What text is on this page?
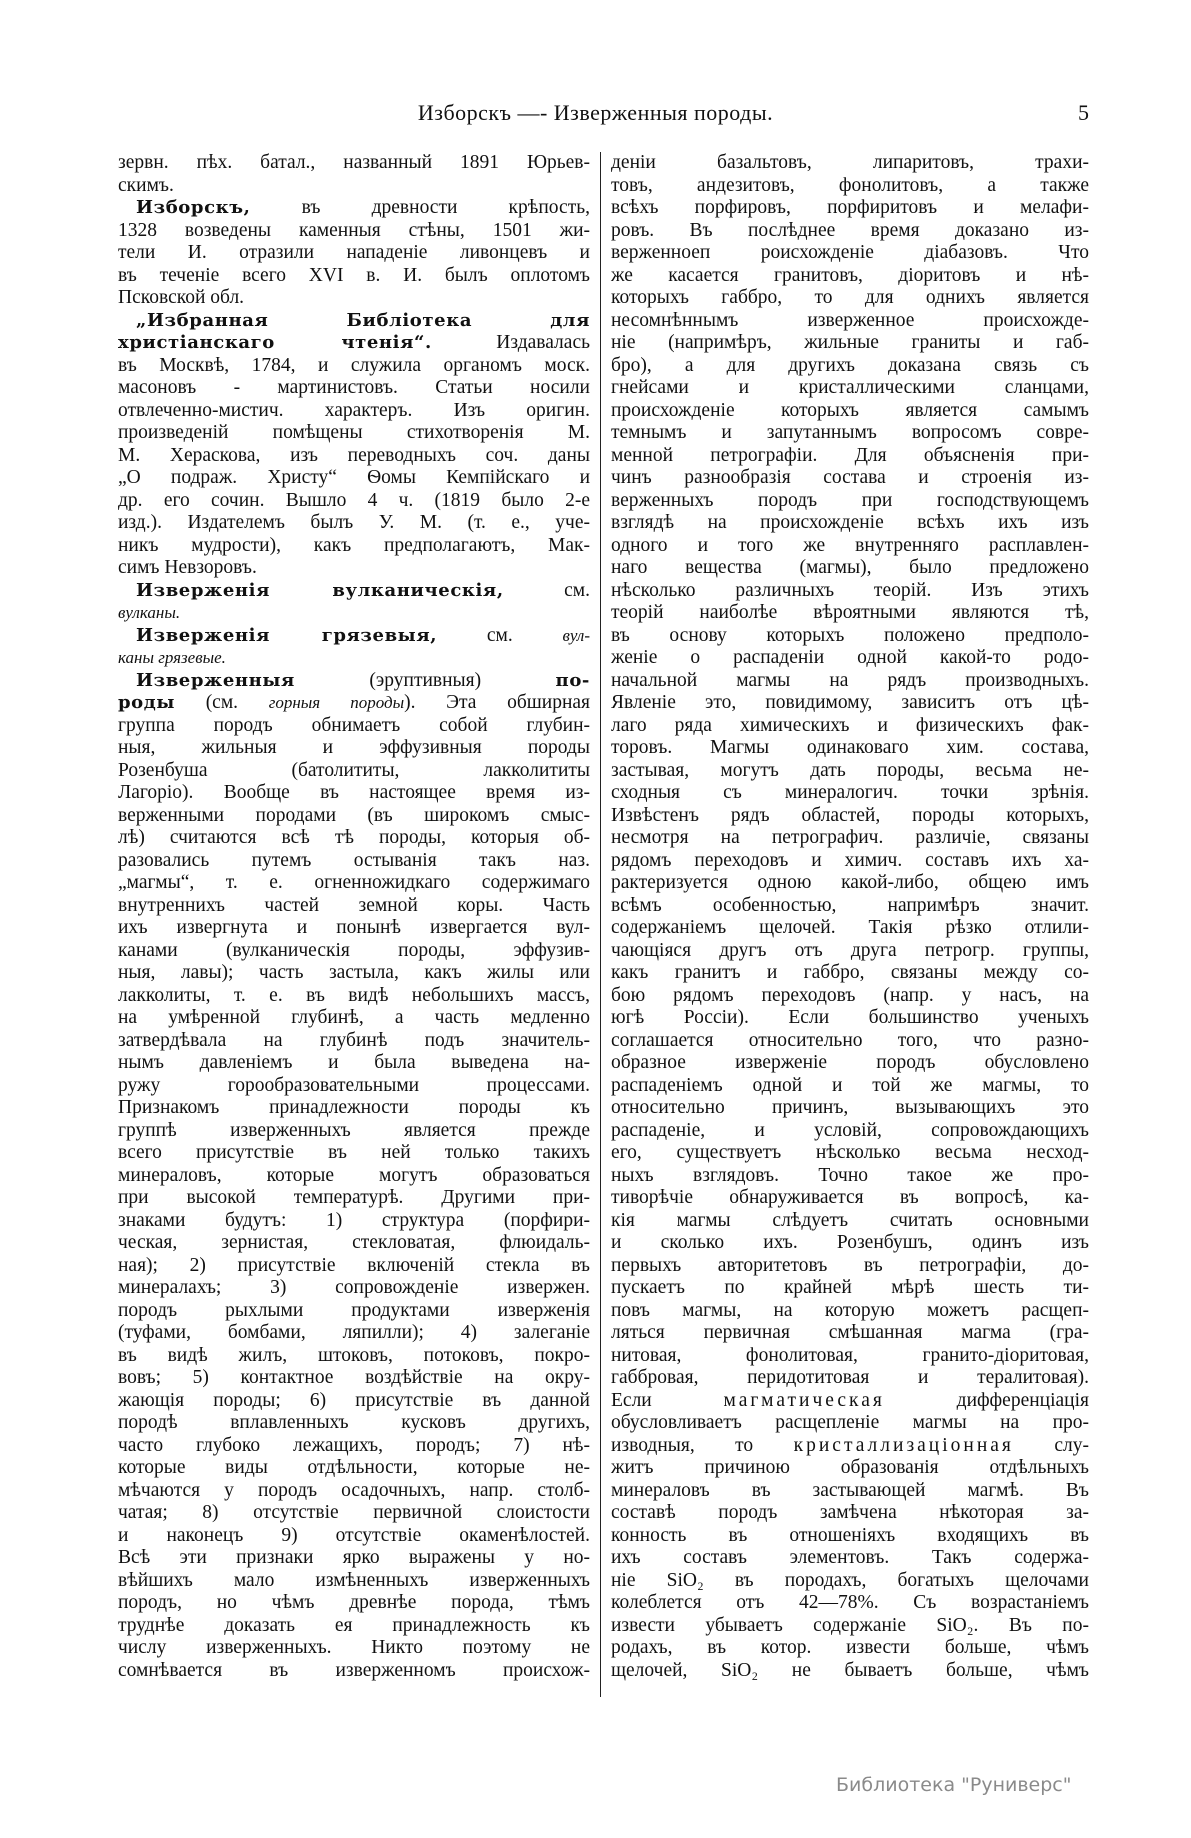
Изборскъ —- Изверженныя породы.	5
зервн. пѣх. батал., названный 1891 Юрьев-
скимъ.
Изборскъ, въ древности крѣпость,
1328 возведены каменныя стѣны, 1501 жи-
тели И. отразили нападеніе ливонцевъ и
въ теченіе всего XVI в. И. былъ оплотомъ
Псковской обл.
„Избранная Библіотека для
христіанскаго чтенія“. Издавалась
въ Москвѣ, 1784, и служила органомъ моск.
масоновъ - мартинистовъ. Статьи носили
отвлеченно-мистич. характеръ. Изъ оригин.
произведеній помѣщены стихотворенія М.
М. Хераскова, изъ переводныхъ соч. даны
„О подраж. Христу“ Ѳомы Кемпійскаго и
др. его сочин. Вышло 4 ч. (1819 было 2-е
изд.). Издателемъ былъ У. М. (т. е., уче-
никъ мудрости), какъ предполагаютъ, Мак-
симъ Невзоровъ.
Изверженія вулканическія, см.
вулканы.
Изверженія грязевыя, см. вул-
каны грязевые.
Изверженныя (эруптивныя) по-
роды (см. горныя породы). Эта обширная
группа породъ обнимаетъ собой глубин-
ныя, жильныя и эффузивныя породы
Розенбуша (батолититы, лакколититы
Лагоріо). Вообще въ настоящее время из-
верженными породами (въ широкомъ смыс-
лѣ) считаются всѣ тѣ породы, которыя об-
разовались путемъ остыванія такъ наз.
„магмы“, т. е. огненножидкаго содержимаго
внутреннихъ частей земной коры. Часть
ихъ извергнута и понынѣ извергается вул-
канами (вулканическія породы, эффузив-
ныя, лавы); часть застыла, какъ жилы или
лакколиты, т. е. въ видѣ небольшихъ массъ,
на умѣренной глубинѣ, а часть медленно
затвердѣвала на глубинѣ подъ значитель-
нымъ давленіемъ и была выведена на-
ружу горообразовательными процессами.
Признакомъ принадлежности породы къ
группѣ изверженныхъ является прежде
всего присутствіе въ ней только такихъ
минераловъ, которые могутъ образоваться
при высокой температурѣ. Другими при-
знаками будутъ: 1) структура (порфири-
ческая, зернистая, стекловатая, флюидаль-
ная); 2) присутствіе включеній стекла въ
минералахъ; 3) сопровожденіе извержен.
породъ рыхлыми продуктами изверженія
(туфами, бомбами, ляпилли); 4) залеганіе
въ видѣ жилъ, штоковъ, потоковъ, покро-
вовъ; 5) контактное воздѣйствіе на окру-
жающія породы; 6) присутствіе въ данной
породѣ вплавленныхъ кусковъ другихъ,
часто глубоко лежащихъ, породъ; 7) нѣ-
которые виды отдѣльности, которые не-
мѣчаются у породъ осадочныхъ, напр. столб-
чатая; 8) отсутствіе первичной слоистости
и наконецъ 9) отсутствіе окаменѣлостей.
Всѣ эти признаки ярко выражены у но-
вѣйшихъ мало измѣненныхъ изверженныхъ
породъ, но чѣмъ древнѣе порода, тѣмъ
труднѣе доказать ея принадлежность къ
числу изверженныхъ. Никто поэтому не
сомнѣвается въ изверженномъ происхож-
деніи базальтовъ, липаритовъ, трахи-
товъ, андезитовъ, фонолитовъ, а также
всѣхъ порфировъ, порфиритовъ и мелафи-
ровъ. Въ послѣднее время доказано из-
верженноеп роисхожденіе діабазовъ. Что
же касается гранитовъ, діоритовъ и нѣ-
которыхъ габбро, то для однихъ является
несомнѣннымъ изверженное происхожде-
ніе (напримѣръ, жильные граниты и габ-
бро), а для другихъ доказана связь съ
гнейсами и кристаллическими сланцами,
происхожденіе которыхъ является самымъ
темнымъ и запутаннымъ вопросомъ совре-
менной петрографіи. Для объясненія при-
чинъ разнообразія состава и строенія из-
верженныхъ породъ при господствующемъ
взглядѣ на происхожденіе всѣхъ ихъ изъ
одного и того же внутренняго расплавлен-
наго вещества (магмы), было предложено
нѣсколько различныхъ теорій. Изъ этихъ
теорій наиболѣе вѣроятными являются тѣ,
въ основу которыхъ положено предполо-
женіе о распаденіи одной какой-то родо-
начальной магмы на рядъ производныхъ.
Явленіе это, повидимому, зависитъ отъ цѣ-
лаго ряда химическихъ и физическихъ фак-
торовъ. Магмы одинаковаго хим. состава,
застывая, могутъ дать породы, весьма не-
сходныя съ минералогич. точки зрѣнія.
Извѣстенъ рядъ областей, породы которыхъ,
несмотря на петрографич. различіе, связаны
рядомъ переходовъ и химич. составъ ихъ ха-
рактеризуется одною какой-либо, общею имъ
всѣмъ особенностью, напримѣръ значит.
содержаніемъ щелочей. Такія рѣзко отлили-
чающіяся другъ отъ друга петрогр. группы,
какъ гранитъ и габбро, связаны между со-
бою рядомъ переходовъ (напр. у насъ, на
югѣ Россіи). Если большинство ученыхъ
соглашается относительно того, что разно-
образное изверженіе породъ обусловлено
распаденіемъ одной и той же магмы, то
относительно причинъ, вызывающихъ это
распаденіе, и условій, сопровождающихъ
его, существуетъ нѣсколько весьма несход-
ныхъ взглядовъ. Точно такое же про-
тиворѣчіе обнаруживается въ вопросѣ, ка-
кія магмы слѣдуетъ считать основными
и сколько ихъ. Розенбушъ, одинъ изъ
первыхъ авторитетовъ въ петрографіи, до-
пускаетъ по крайней мѣрѣ шесть ти-
повъ магмы, на которую можетъ расщеп-
ляться первичная смѣшанная магма (гра-
нитовая, фонолитовая, гранито-діоритовая,
габбровая, перидотитовая и тералитовая).
Если магматическая дифференціація
обусловливаетъ расщепленіе магмы на про-
изводныя, то кристаллизаціонная слу-
житъ причиною образованія отдѣльныхъ
минераловъ въ застывающей магмѣ. Въ
составѣ породъ замѣчена нѣкоторая за-
конность въ отношеніяхъ входящихъ въ
ихъ составъ элементовъ. Такъ содержа-
ніе SiO₂ въ породахъ, богатыхъ щелочами
колеблется отъ 42—78%. Съ возрастаніемъ
извести убываетъ содержаніе SiO₂. Въ по-
родахъ, въ котор. извести больше, чѣмъ
щелочей, SiO₂ не бываетъ больше, чѣмъ
Библиотека "Руниверс"
